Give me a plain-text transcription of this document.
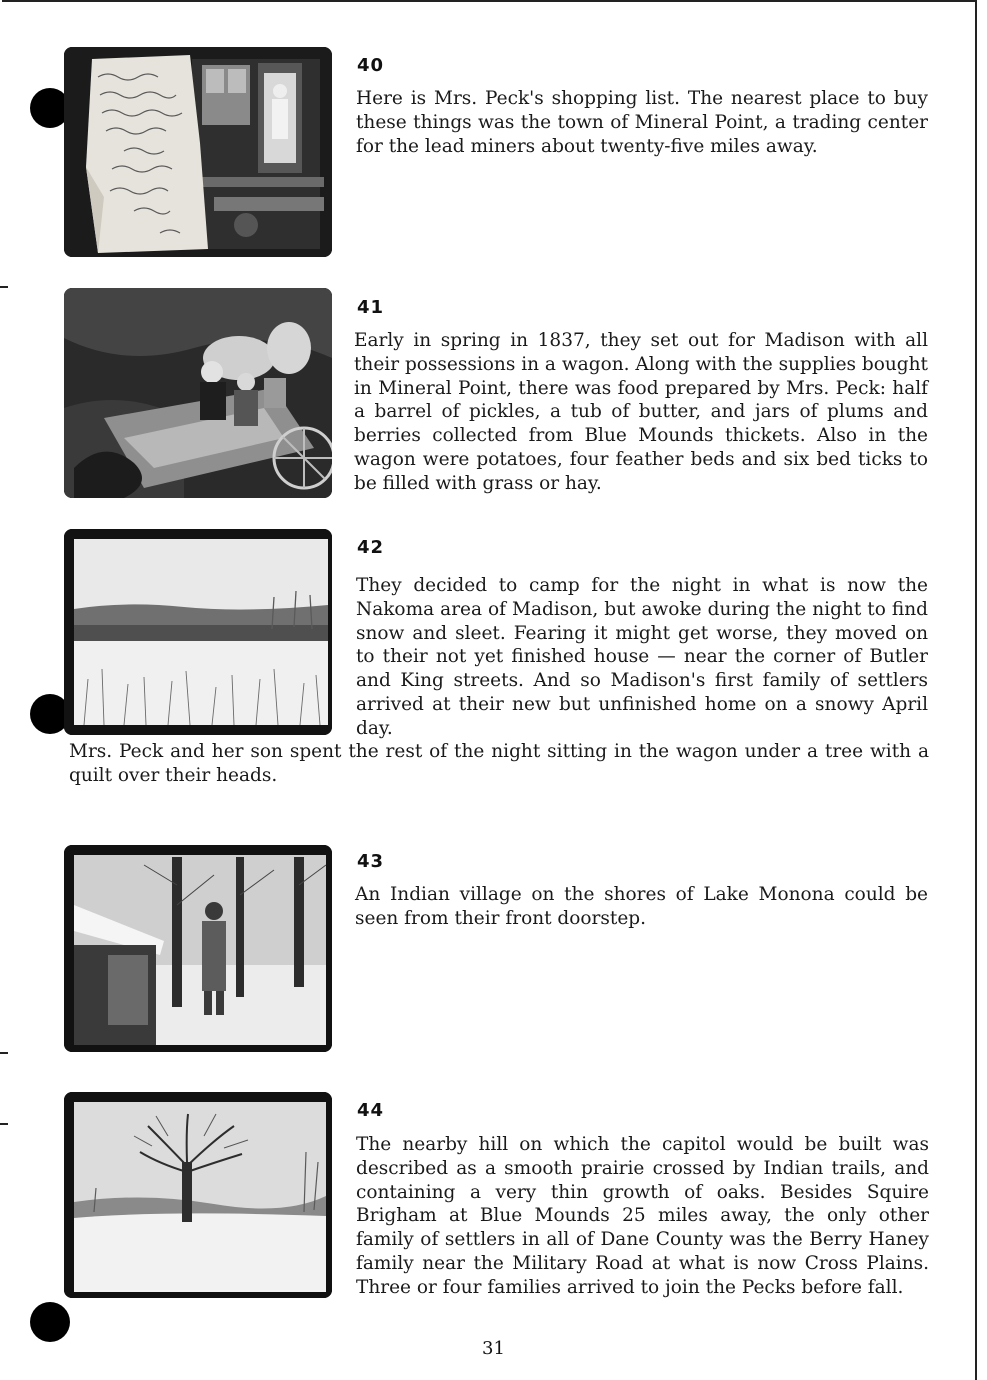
40

Here is Mrs. Peck's shopping list. The nearest place to buy these things was the town of Mineral Point, a trading center for the lead miners about twenty-five miles away.

41

Early in spring in 1837, they set out for Madison with all their possessions in a wagon. Along with the supplies bought in Mineral Point, there was food prepared by Mrs. Peck: half a barrel of pickles, a tub of butter, and jars of plums and berries collected from Blue Mounds thickets. Also in the wagon were potatoes, four feather beds and six bed ticks to be filled with grass or hay.

42

They decided to camp for the night in what is now the Nakoma area of Madison, but awoke during the night to find snow and sleet. Fearing it might get worse, they moved on to their not yet finished house — near the corner of Butler and King streets. And so Madison's first family of settlers arrived at their new but unfinished home on a snowy April day.

Mrs. Peck and her son spent the rest of the night sitting in the wagon under a tree with a quilt over their heads.

43

An Indian village on the shores of Lake Monona could be seen from their front doorstep.

44

The nearby hill on which the capitol would be built was described as a smooth prairie crossed by Indian trails, and containing a very thin growth of oaks. Besides Squire Brigham at Blue Mounds 25 miles away, the only other family of settlers in all of Dane County was the Berry Haney family near the Military Road at what is now Cross Plains. Three or four families arrived to join the Pecks before fall.

31
